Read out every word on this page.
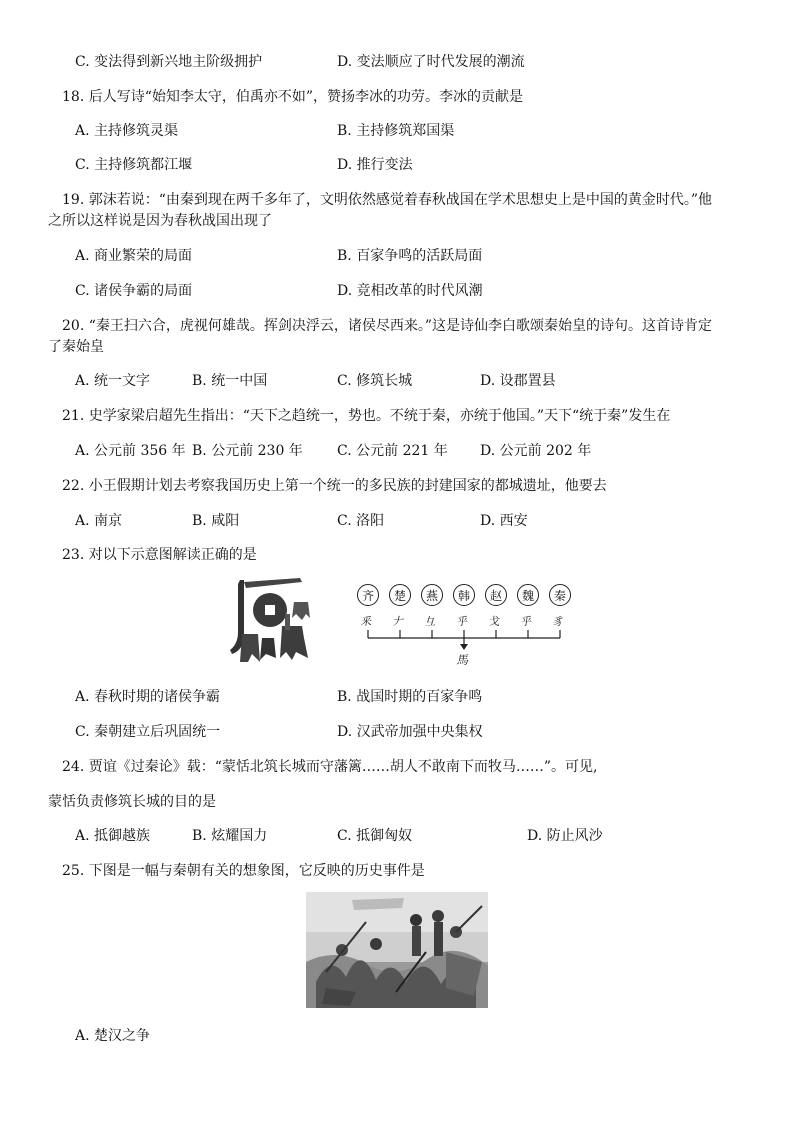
C. 变法得到新兴地主阶级拥护	D. 变法顺应了时代发展的潮流
18. 后人写诗“始知李太守，伯禹亦不如”，赞扬李冰的功劳。李冰的贡献是
A. 主持修筑灵渠	B. 主持修筑郑国渠
C. 主持修筑都江堰	D. 推行变法
19. 郭沫若说：“由秦到现在两千多年了，文明依然感觉着春秋战国在学术思想史上是中国的黄金时代。”他
之所以这样说是因为春秋战国出现了
A. 商业繁荣的局面	B. 百家争鸣的活跃局面
C. 诸侯争霸的局面	D. 竞相改革的时代风潮
20. “秦王扫六合，虎视何雄哉。挥剑决浮云，诸侯尽西来。”这是诗仙李白歌颂秦始皇的诗句。这首诗肯定
了秦始皇
A. 统一文字	B. 统一中国	C. 修筑长城	D. 设郡置县
21. 史学家梁启超先生指出：“天下之趋统一，势也。不统于秦，亦统于他国。”天下“统于秦”发生在
A. 公元前 356 年 B. 公元前 230 年 C. 公元前 221 年 D. 公元前 202 年
22. 小王假期计划去考察我国历史上第一个统一的多民族的封建国家的都城遗址，他要去
A. 南京	B. 咸阳	C. 洛阳	D. 西安
23. 对以下示意图解读正确的是
齐	楚	燕	韩	赵	魏	秦
釆 𠂇 彑 乎 戈 乎 豸
馬
A. 春秋时期的诸侯争霸	B. 战国时期的百家争鸣
C. 秦朝建立后巩固统一	D. 汉武帝加强中央集权
24. 贾谊《过秦论》载：“蒙恬北筑长城而守藩篱……胡人不敢南下而牧马……”。可见,
蒙恬负责修筑长城的目的是
A. 抵御越族	B. 炫耀国力	C. 抵御匈奴	D. 防止风沙
25. 下图是一幅与秦朝有关的想象图，它反映的历史事件是
A. 楚汉之争
